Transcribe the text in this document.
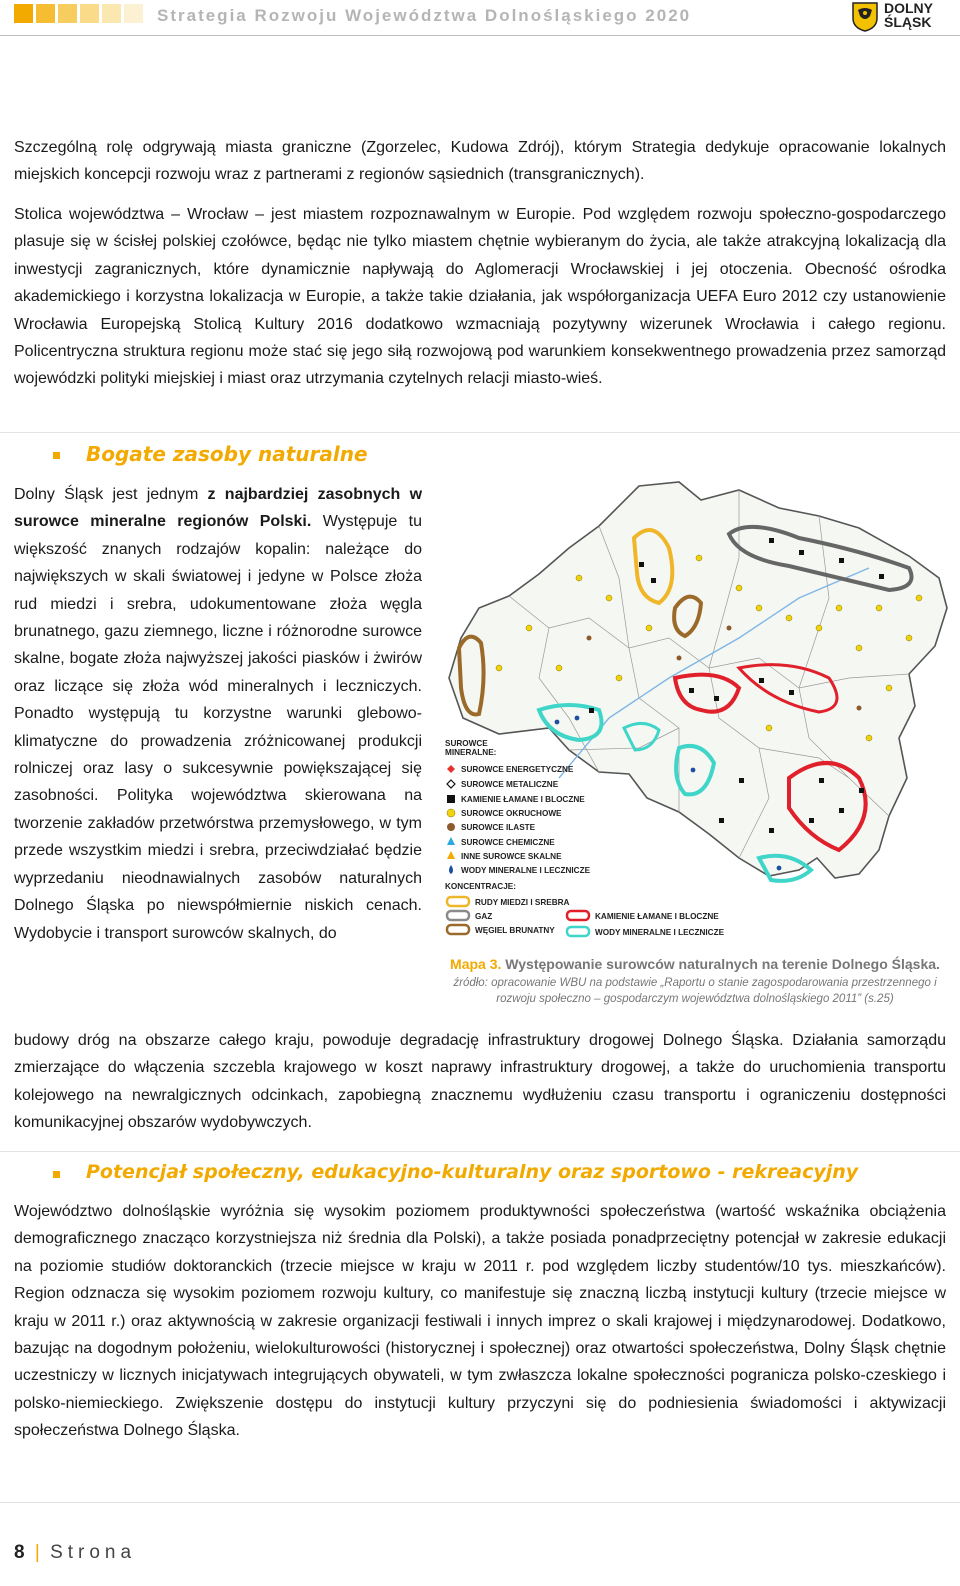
Strategia Rozwoju Województwa Dolnośląskiego 2020	DOLNY
ŚLĄSK
Szczególną rolę odgrywają miasta graniczne (Zgorzelec, Kudowa Zdrój), którym Strategia dedykuje opracowanie lokalnych miejskich koncepcji rozwoju wraz z partnerami z regionów sąsiednich (transgranicznych).
Stolica województwa – Wrocław – jest miastem rozpoznawalnym w Europie. Pod względem rozwoju społeczno-gospodarczego plasuje się w ścisłej polskiej czołówce, będąc nie tylko miastem chętnie wybieranym do życia, ale także atrakcyjną lokalizacją dla inwestycji zagranicznych, które dynamicznie napływają do Aglomeracji Wrocławskiej i jej otoczenia. Obecność ośrodka akademickiego i korzystna lokalizacja w Europie, a także takie działania, jak współorganizacja UEFA Euro 2012 czy ustanowienie Wrocławia Europejską Stolicą Kultury 2016 dodatkowo wzmacniają pozytywny wizerunek Wrocławia i całego regionu. Policentryczna struktura regionu może stać się jego siłą rozwojową pod warunkiem konsekwentnego prowadzenia przez samorząd wojewódzki polityki miejskiej i miast oraz utrzymania czytelnych relacji miasto-wieś.
Bogate zasoby naturalne
Dolny Śląsk jest jednym z najbardziej zasobnych w surowce mineralne regionów Polski. Występuje tu większość znanych rodzajów kopalin: należące do największych w skali światowej i jedyne w Polsce złoża rud miedzi i srebra, udokumentowane złoża węgla brunatnego, gazu ziemnego, liczne i różnorodne surowce skalne, bogate złoża najwyższej jakości piasków i żwirów oraz liczące się złoża wód mineralnych i leczniczych. Ponadto występują tu korzystne warunki glebowo-klimatyczne do prowadzenia zróżnicowanej produkcji rolniczej oraz lasy o sukcesywnie powiększającej się zasobności. Polityka województwa skierowana na tworzenie zakładów przetwórstwa przemysłowego, w tym przede wszystkim miedzi i srebra, przeciwdziałać będzie wyprzedaniu nieodnawialnych zasobów naturalnych Dolnego Śląska po niewspółmiernie niskich cenach. Wydobycie i transport surowców skalnych, do
SUROWCE
MINERALNE:
SUROWCE ENERGETYCZNE
SUROWCE METALICZNE
KAMIENIE ŁAMANE I BLOCZNE
SUROWCE OKRUCHOWE
SUROWCE ILASTE
SUROWCE CHEMICZNE
INNE SUROWCE SKALNE
WODY MINERALNE I LECZNICZE
KONCENTRACJE:
RUDY MIEDZI I SREBRA
GAZ
WĘGIEL BRUNATNY
KAMIENIE ŁAMANE I BLOCZNE
WODY MINERALNE I LECZNICZE
Mapa 3. Występowanie surowców naturalnych na terenie Dolnego Śląska.
źródło: opracowanie WBU na podstawie „Raportu o stanie zagospodarowania przestrzennego i rozwoju społeczno – gospodarczym województwa dolnośląskiego 2011” (s.25)
budowy dróg na obszarze całego kraju, powoduje degradację infrastruktury drogowej Dolnego Śląska. Działania samorządu zmierzające do włączenia szczebla krajowego w koszt naprawy infrastruktury drogowej, a także do uruchomienia transportu kolejowego na newralgicznych odcinkach, zapobiegną znacznemu wydłużeniu czasu transportu i ograniczeniu dostępności komunikacyjnej obszarów wydobywczych.
Potencjał społeczny, edukacyjno-kulturalny oraz sportowo - rekreacyjny
Województwo dolnośląskie wyróżnia się wysokim poziomem produktywności społeczeństwa (wartość wskaźnika obciążenia demograficznego znacząco korzystniejsza niż średnia dla Polski), a także posiada ponadprzeciętny potencjał w zakresie edukacji na poziomie studiów doktoranckich (trzecie miejsce w kraju w 2011 r. pod względem liczby studentów/10 tys. mieszkańców). Region odznacza się wysokim poziomem rozwoju kultury, co manifestuje się znaczną liczbą instytucji kultury (trzecie miejsce w kraju w 2011 r.) oraz aktywnością w zakresie organizacji festiwali i innych imprez o skali krajowej i międzynarodowej. Dodatkowo, bazując na dogodnym położeniu, wielokulturowości (historycznej i społecznej) oraz otwartości społeczeństwa, Dolny Śląsk chętnie uczestniczy w licznych inicjatywach integrujących obywateli, w tym zwłaszcza lokalne społeczności pogranicza polsko-czeskiego i polsko-niemieckiego. Zwiększenie dostępu do instytucji kultury przyczyni się do podniesienia świadomości i aktywizacji społeczeństwa Dolnego Śląska.
8 | Strona
